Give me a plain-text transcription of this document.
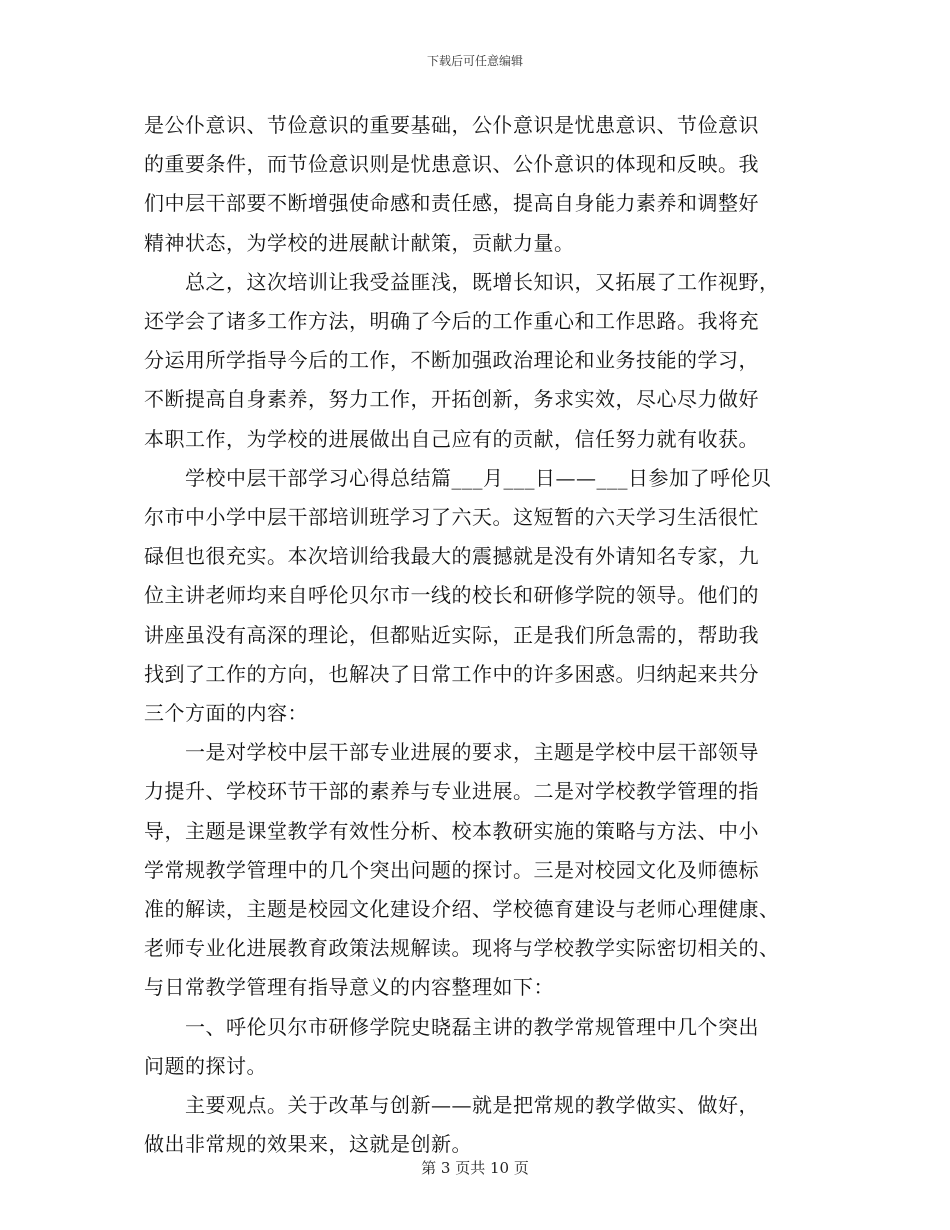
下载后可任意编辑

是公仆意识、节俭意识的重要基础，公仆意识是忧患意识、节俭意识
的重要条件，而节俭意识则是忧患意识、公仆意识的体现和反映。我
们中层干部要不断增强使命感和责任感，提高自身能力素养和调整好
精神状态，为学校的进展献计献策，贡献力量。

　　总之，这次培训让我受益匪浅，既增长知识，又拓展了工作视野，
还学会了诸多工作方法，明确了今后的工作重心和工作思路。我将充
分运用所学指导今后的工作，不断加强政治理论和业务技能的学习，
不断提高自身素养，努力工作，开拓创新，务求实效，尽心尽力做好
本职工作，为学校的进展做出自己应有的贡献，信任努力就有收获。

　　学校中层干部学习心得总结篇___月___日——___日参加了呼伦贝
尔市中小学中层干部培训班学习了六天。这短暂的六天学习生活很忙
碌但也很充实。本次培训给我最大的震撼就是没有外请知名专家，九
位主讲老师均来自呼伦贝尔市一线的校长和研修学院的领导。他们的
讲座虽没有高深的理论，但都贴近实际，正是我们所急需的，帮助我
找到了工作的方向，也解决了日常工作中的许多困惑。归纳起来共分
三个方面的内容：

　　一是对学校中层干部专业进展的要求，主题是学校中层干部领导
力提升、学校环节干部的素养与专业进展。二是对学校教学管理的指
导，主题是课堂教学有效性分析、校本教研实施的策略与方法、中小
学常规教学管理中的几个突出问题的探讨。三是对校园文化及师德标
准的解读，主题是校园文化建设介绍、学校德育建设与老师心理健康、
老师专业化进展教育政策法规解读。现将与学校教学实际密切相关的、
与日常教学管理有指导意义的内容整理如下：

　　一、呼伦贝尔市研修学院史晓磊主讲的教学常规管理中几个突出
问题的探讨。

　　主要观点。关于改革与创新——就是把常规的教学做实、做好，
做出非常规的效果来，这就是创新。

第 3 页共 10 页
